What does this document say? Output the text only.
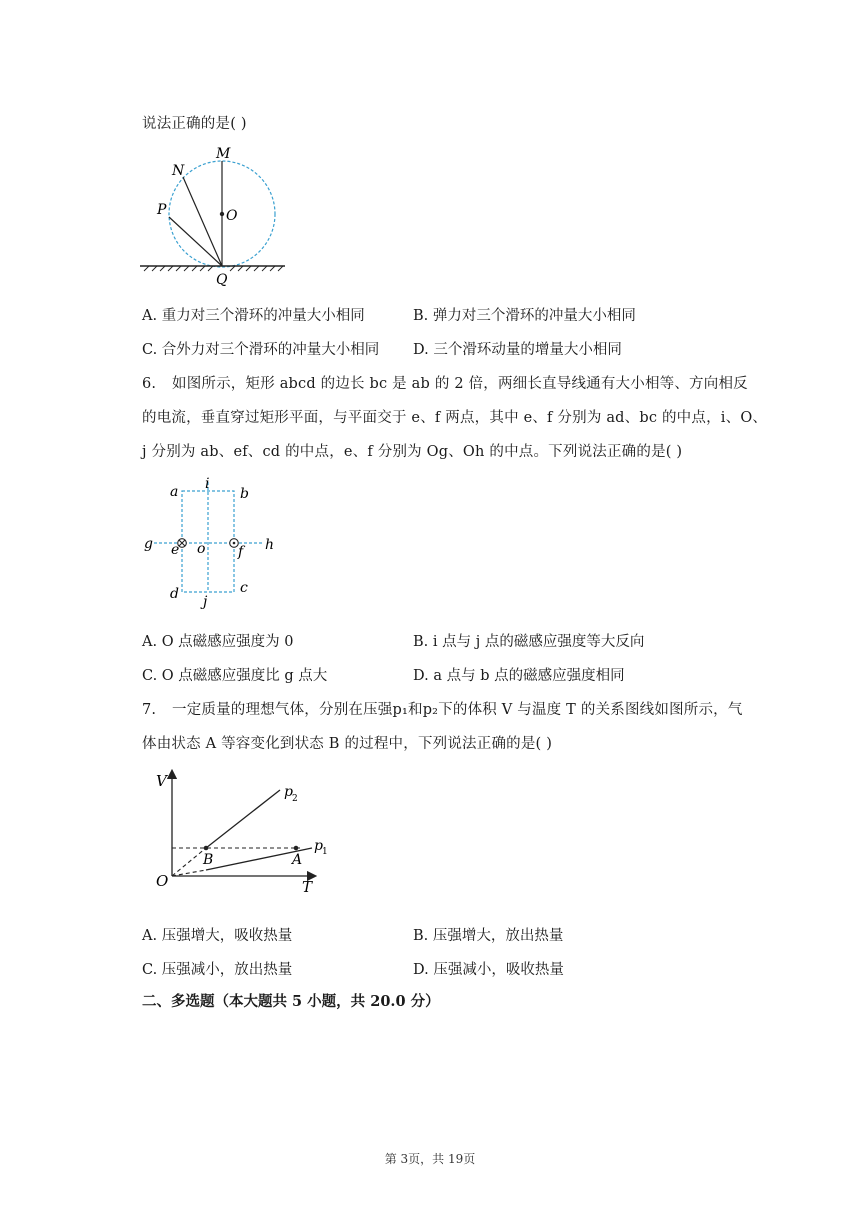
说法正确的是( )
M
N
P	O
Q
A. 重力对三个滑环的冲量大小相同	B. 弹力对三个滑环的冲量大小相同
C. 合外力对三个滑环的冲量大小相同 D. 三个滑环动量的增量大小相同
6. 如图所示，矩形 abcd 的边长 bc 是 ab 的 2 倍，两细长直导线通有大小相等、方向相反
的电流，垂直穿过矩形平面，与平面交于 e、f 两点，其中 e、f 分别为 ad、bc 的中点，i、O、
j 分别为 ab、ef、cd 的中点，e、f 分别为 Og、Oh 的中点。下列说法正确的是( )
a i
b
g e o f h
d j
c
A. O 点磁感应强度为 0	B. i 点与 j 点的磁感应强度等大反向
C. O 点磁感应强度比 g 点大	D. a 点与 b 点的磁感应强度相同
7. 一定质量的理想气体，分别在压强p₁和p₂下的体积 V 与温度 T 的关系图线如图所示，气
体由状态 A 等容变化到状态 B 的过程中，下列说法正确的是( )
V
T
O
B	A
p 2
p 1
A. 压强增大，吸收热量	B. 压强增大，放出热量
C. 压强减小，放出热量	D. 压强减小，吸收热量
二、多选题（本大题共 5 小题，共 20.0 分）
第 3页，共 19页
